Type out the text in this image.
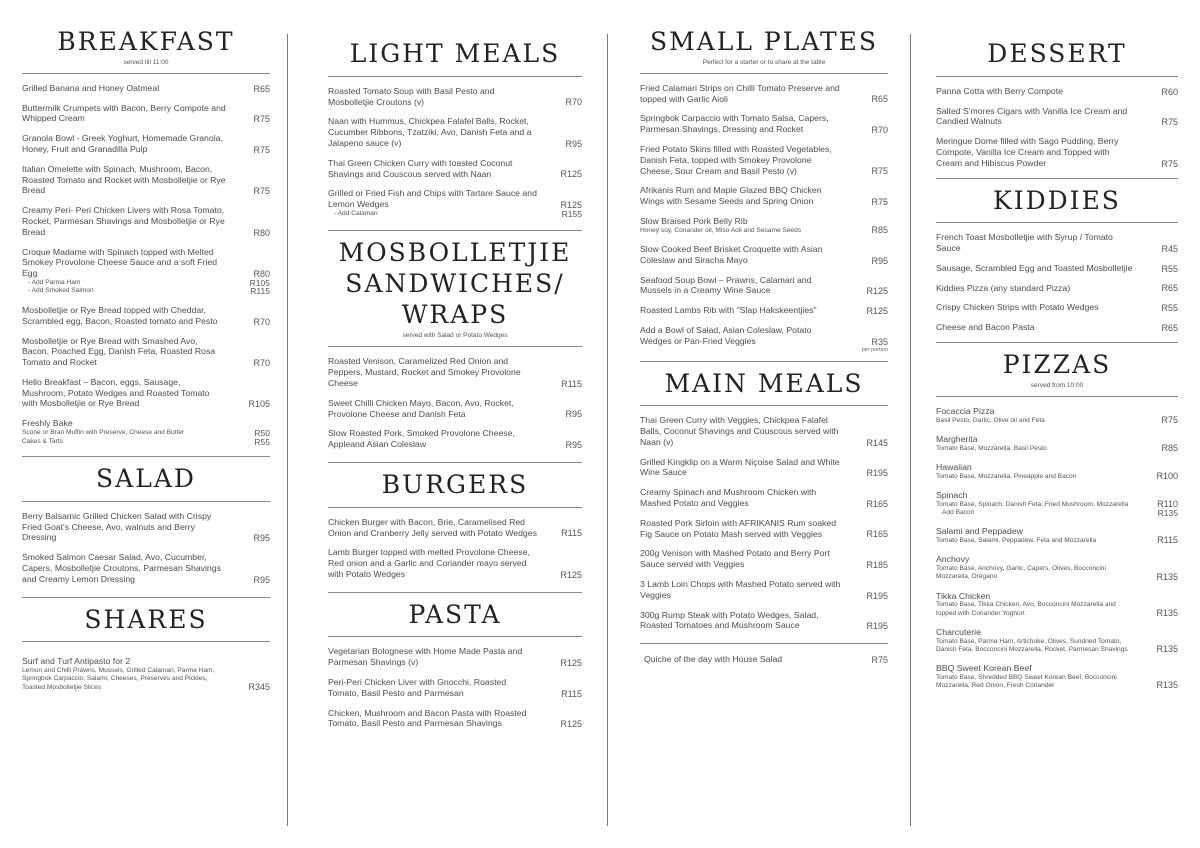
BREAKFAST
served till 11:00
Grilled Banana and Honey Oatmeal	R65
Buttermilk Crumpets with Bacon, Berry Compote and Whipped Cream	R75
Granola Bowl - Greek Yoghurt, Homemade Granola, Honey, Fruit and Granadilla Pulp	R75
Italian Omelette with Spinach, Mushroom, Bacon, Roasted Tomato and Rocket with Mosbolletjie or Rye Bread	R75
Creamy Peri- Peri Chicken Livers with Rosa Tomato, Rocket, Parmesan Shavings and Mosbolletjie or Rye Bread	R80
Croque Madame with Spinach topped with Melted Smokey Provolone Cheese Sauce and a soft Fried Egg	R80
- Add Parma Ham	R105
- Add Smoked Salmon	R115
Mosbolletjie or Rye Bread topped with Cheddar, Scrambled egg, Bacon, Roasted tomato and Pesto	R70
Mosbolletjie or Rye Bread with Smashed Avo, Bacon, Poached Egg, Danish Feta, Roasted Rosa Tomato and Rocket	R70
Hello Breakfast – Bacon, eggs, Sausage, Mushroom, Potato Wedges and Roasted Tomato with Mosbolletjie or Rye Bread	R105
Freshly Bake
Scone or Bran Muffin with Preserve, Cheese and Butter	R50
Cakes & Tarts	R55
SALAD
Berry Balsamic Grilled Chicken Salad with Crispy Fried Goat's Cheese, Avo, walnuts and Berry Dressing	R95
Smoked Salmon Caesar Salad, Avo, Cucumber, Capers, Mosbolletjie Croutons, Parmesan Shavings and Creamy Lemon Dressing	R95
SHARES
Surf and Turf Antipasto for 2
Lemon and Chilli Prawns, Mussels, Grilled Calamari, Parma Ham, Springbok Carpaccio, Salami, Cheeses, Preserves and Pickles, Toasted Mosbolletjie Slices	R345
LIGHT MEALS
Roasted Tomato Soup with Basil Pesto and Mosbolletjie Croutons (v)	R70
Naan with Hummus, Chickpea Falafel Balls, Rocket, Cucumber Ribbons, Tzatziki, Avo, Danish Feta and a Jalapeno sauce (v)	R95
Thai Green Chicken Curry with toasted Coconut Shavings and Couscous served with Naan	R125
Grilled or Fried Fish and Chips with Tartare Sauce and Lemon Wedges	R125
- Add Calamari	R155
MOSBOLLETJIE SANDWICHES/ WRAPS
served with Salad or Potato Wedges
Roasted Venison, Caramelized Red Onion and Peppers, Mustard, Rocket and Smokey Provolone Cheese	R115
Sweet Chilli Chicken Mayo, Bacon, Avo, Rocket, Provolone Cheese and Danish Feta	R95
Slow Roasted Pork, Smoked Provolone Cheese, Appleand Asian Coleslaw	R95
BURGERS
Chicken Burger with Bacon, Brie, Caramelised Red Onion and Cranberry Jelly served with Potato Wedges	R115
Lamb Burger topped with melted Provolone Cheese, Red onion and a Garlic and Coriander mayo served with Potato Wedges	R125
PASTA
Vegetarian Bolognese with Home Made Pasta and Parmesan Shavings (v)	R125
Peri-Peri Chicken Liver with Gnocchi, Roasted Tomato, Basil Pesto and Parmesan	R115
Chicken, Mushroom and Bacon Pasta with Roasted Tomato, Basil Pesto and Parmesan Shavings	R125
SMALL PLATES
Perfect for a starter or to share at the table
Fried Calamari Strips on Chilli Tomato Preserve and topped with Garlic Aioli	R65
Springbok Carpaccio with Tomato Salsa, Capers, Parmesan Shavings, Dressing and Rocket	R70
Fried Potato Skins filled with Roasted Vegetables, Danish Feta, topped with Smokey Provolone Cheese, Sour Cream and Basil Pesto (v)	R75
Afrikanis Rum and Maple Glazed BBQ Chicken Wings with Sesame Seeds and Spring Onion	R75
Slow Braised Pork Belly Rib
Honey soy, Coriander oil, Miso Aoli and Sesame Seeds	R85
Slow Cooked Beef Brisket Croquette with Asian Coleslaw and Siracha Mayo	R95
Seafood Soup Bowl – Prawns, Calamari and Mussels in a Creamy Wine Sauce	R125
Roasted Lambs Rib with "Slap Hakskeentjies"	R125
Add a Bowl of Salad, Asian Coleslaw, Potato Wedges or Pan-Fried Veggies	R35
per portion
MAIN MEALS
Thai Green Curry with Veggies, Chickpea Falafel Balls, Coconut Shavings and Couscous served with Naan (v)	R145
Grilled Kingklip on a Warm Niçoise Salad and White Wine Sauce	R195
Creamy Spinach and Mushroom Chicken with Mashed Potato and Veggies	R165
Roasted Pork Sirloin with AFRIKANIS Rum soaked Fig Sauce on Potato Mash served with Veggies	R165
200g Venison with Mashed Potato and Berry Port Sauce served with Veggies	R185
3 Lamb Loin Chops with Mashed Potato served with Veggies	R195
300g Rump Steak with Potato Wedges, Salad, Roasted Tomatoes and Mushroom Sauce	R195
Quiche of the day with House Salad	R75
DESSERT
Panna Cotta with Berry Compote	R60
Salted S'mores Cigars with Vanilla Ice Cream and Candied Walnuts	R75
Meringue Dome filled with Sago Pudding, Berry Compote, Vanilla Ice Cream and Topped with Cream and Hibiscus Powder	R75
KIDDIES
French Toast Mosbolletjie with Syrup / Tomato Sauce	R45
Sausage, Scrambled Egg and Toasted Mosbolletjie	R55
Kiddies Pizza (any standard Pizza)	R65
Crispy Chicken Strips with Potato Wedges	R55
Cheese and Bacon Pasta	R65
PIZZAS
served from 10:00
Focaccia Pizza
Basil Pesto, Garlic, Olive oil and Feta	R75
Margherita
Tomato Base, Mozzarella, Basil Pesto	R85
Hawaiian
Tomato Base, Mozzarella, Pineapple and Bacon	R100
Spinach
Tomato Base, Spinach, Danish Feta, Fried Mushroom, Mozzarella	R110
Add Bacon	R135
Salami and Peppadew
Tomato Base, Salami, Peppadew, Feta and Mozzarella	R115
Anchovy
Tomato Base, Anchovy, Garlic, Capers, Olives, Bocconcini Mozzarella, Oregano	R135
Tikka Chicken
Tomato Base, Tikka Chicken, Avo, Bocconcini Mozzarella and topped with Coriander Yoghurt	R135
Charcuterie
Tomato Base, Parma Ham, Artichoke, Olives, Sundried Tomato, Danish Feta, Bocconcini Mozzarella, Rocket, Parmesan Shavings	R135
BBQ Sweet Korean Beef
Tomato Base, Shredded BBQ Sweet Korean Beef, Bocconcini Mozzarella, Red Onion, Fresh Coriander	R135
